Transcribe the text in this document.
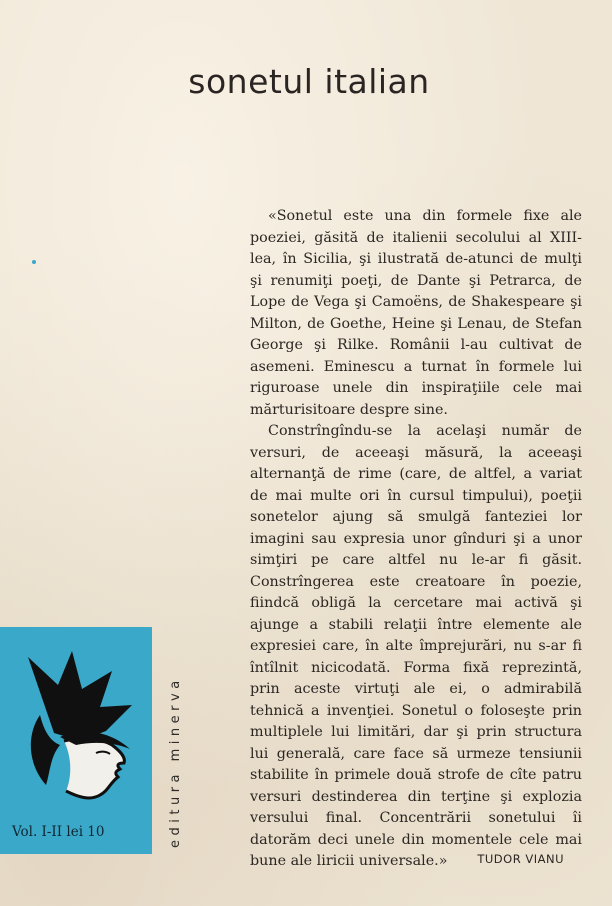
sonetul italian

«Sonetul este una din formele fixe ale poeziei, găsită de italienii secolului al XIII-lea, în Sicilia, şi ilustrată de-atunci de mulţi şi renumiţi poeţi, de Dante şi Petrarca, de Lope de Vega şi Camoëns, de Shakespeare şi Milton, de Goethe, Heine şi Lenau, de Stefan George şi Rilke. Românii l-au cultivat de asemeni. Eminescu a turnat în formele lui riguroase unele din inspiraţiile cele mai mărturisitoare despre sine.

Constrîngîndu-se la acelaşi număr de versuri, de aceeaşi măsură, la aceeaşi alternanţă de rime (care, de altfel, a variat de mai multe ori în cursul timpului), poeţii sonetelor ajung să smulgă fanteziei lor imagini sau expresia unor gînduri şi a unor simţiri pe care altfel nu le-ar fi găsit. Constrîngerea este creatoare în poezie, fiindcă obligă la cercetare mai activă şi ajunge a stabili relaţii între elemente ale expresiei care, în alte împrejurări, nu s-ar fi întîlnit nicicodată. Forma fixă reprezintă, prin aceste virtuţi ale ei, o admirabilă tehnică a invenţiei. Sonetul o foloseşte prin multiplele lui limitări, dar şi prin structura lui generală, care face să urmeze tensiunii stabilite în primele două strofe de cîte patru versuri destinderea din terţine şi explozia versului final. Concentrării sonetului îi datorăm deci unele din momentele cele mai bune ale liricii universale.»	TUDOR VIANU
Vol. I-II lei 10	editura minerva
